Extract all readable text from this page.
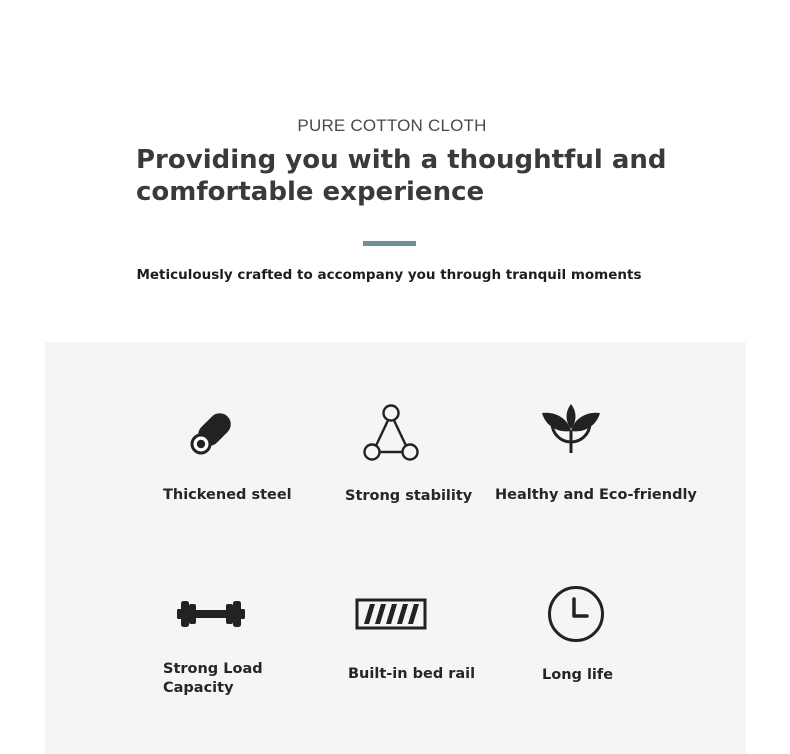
PURE COTTON CLOTH
Providing you with a thoughtful and
comfortable experience
Meticulously crafted to accompany you through tranquil moments
Thickened steel	Strong stability Healthy and Eco-friendly
Strong Load
Capacity
Built-in bed rail	Long life
